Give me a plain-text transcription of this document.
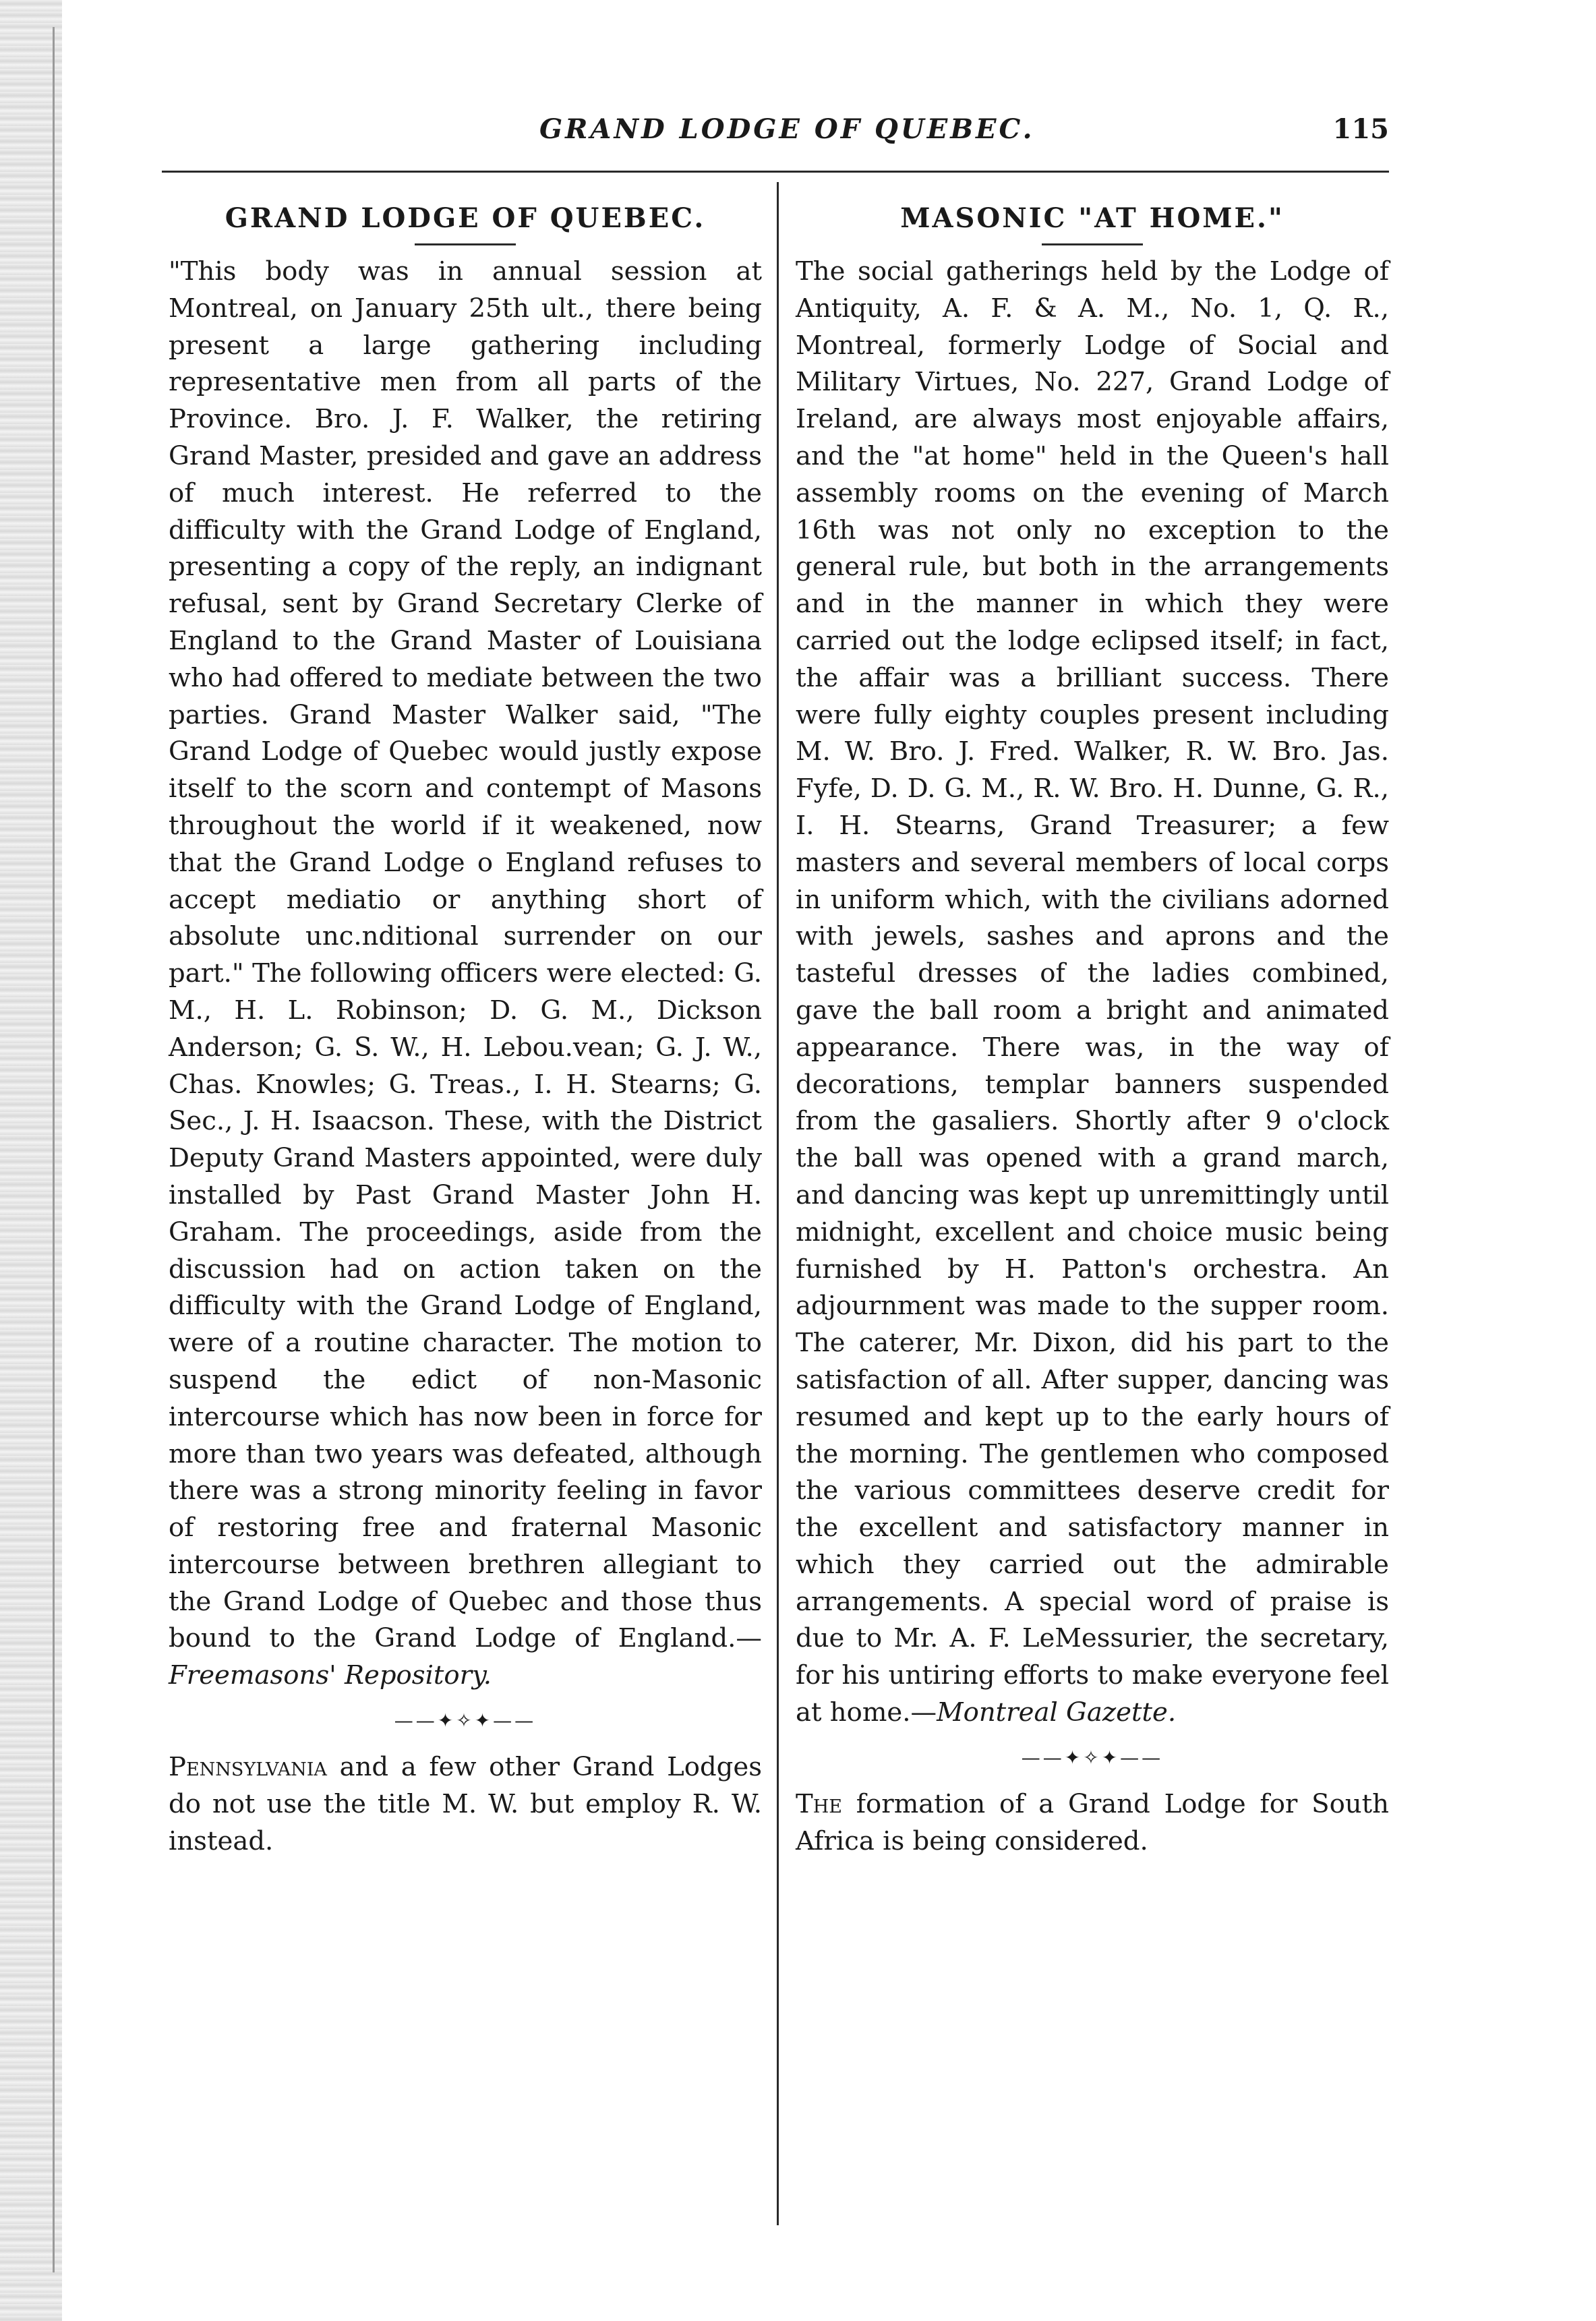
GRAND LODGE OF QUEBEC.	115
GRAND LODGE OF QUEBEC.

"This body was in annual session at Montreal, on January 25th ult., there being present a large gathering including representative men from all parts of the Province. Bro. J. F. Walker, the retiring Grand Master, presided and gave an address of much interest. He referred to the difficulty with the Grand Lodge of England, presenting a copy of the reply, an indignant refusal, sent by Grand Secretary Clerke of England to the Grand Master of Louisiana who had offered to mediate between the two parties. Grand Master Walker said, "The Grand Lodge of Quebec would justly expose itself to the scorn and contempt of Masons throughout the world if it weakened, now that the Grand Lodge o England refuses to accept mediatio or anything short of absolute unc.nditional surrender on our part." The following officers were elected: G. M., H. L. Robinson; D. G. M., Dickson Anderson; G. S. W., H. Lebou.vean; G. J. W., Chas. Knowles; G. Treas., I. H. Stearns; G. Sec., J. H. Isaacson. These, with the District Deputy Grand Masters appointed, were duly installed by Past Grand Master John H. Graham. The proceedings, aside from the discussion had on action taken on the difficulty with the Grand Lodge of England, were of a routine character. The motion to suspend the edict of non-Masonic intercourse which has now been in force for more than two years was defeated, although there was a strong minority feeling in favor of restoring free and fraternal Masonic intercourse between brethren allegiant to the Grand Lodge of Quebec and those thus bound to the Grand Lodge of England.—Freemasons' Repository.

——✦✧✦——

Pennsylvania and a few other Grand Lodges do not use the title M. W. but employ R. W. instead.

MASONIC "AT HOME."

The social gatherings held by the Lodge of Antiquity, A. F. & A. M., No. 1, Q. R., Montreal, formerly Lodge of Social and Military Virtues, No. 227, Grand Lodge of Ireland, are always most enjoyable affairs, and the "at home" held in the Queen's hall assembly rooms on the evening of March 16th was not only no exception to the general rule, but both in the arrangements and in the manner in which they were carried out the lodge eclipsed itself; in fact, the affair was a brilliant success. There were fully eighty couples present including M. W. Bro. J. Fred. Walker, R. W. Bro. Jas. Fyfe, D. D. G. M., R. W. Bro. H. Dunne, G. R., I. H. Stearns, Grand Treasurer; a few masters and several members of local corps in uniform which, with the civilians adorned with jewels, sashes and aprons and the tasteful dresses of the ladies combined, gave the ball room a bright and animated appearance. There was, in the way of decorations, templar banners suspended from the gasaliers. Shortly after 9 o'clock the ball was opened with a grand march, and dancing was kept up unremittingly until midnight, excellent and choice music being furnished by H. Patton's orchestra. An adjournment was made to the supper room. The caterer, Mr. Dixon, did his part to the satisfaction of all. After supper, dancing was resumed and kept up to the early hours of the morning. The gentlemen who composed the various committees deserve credit for the excellent and satisfactory manner in which they carried out the admirable arrangements. A special word of praise is due to Mr. A. F. LeMessurier, the secretary, for his untiring efforts to make everyone feel at home.—Montreal Gazette.

——✦✧✦——

The formation of a Grand Lodge for South Africa is being considered.
